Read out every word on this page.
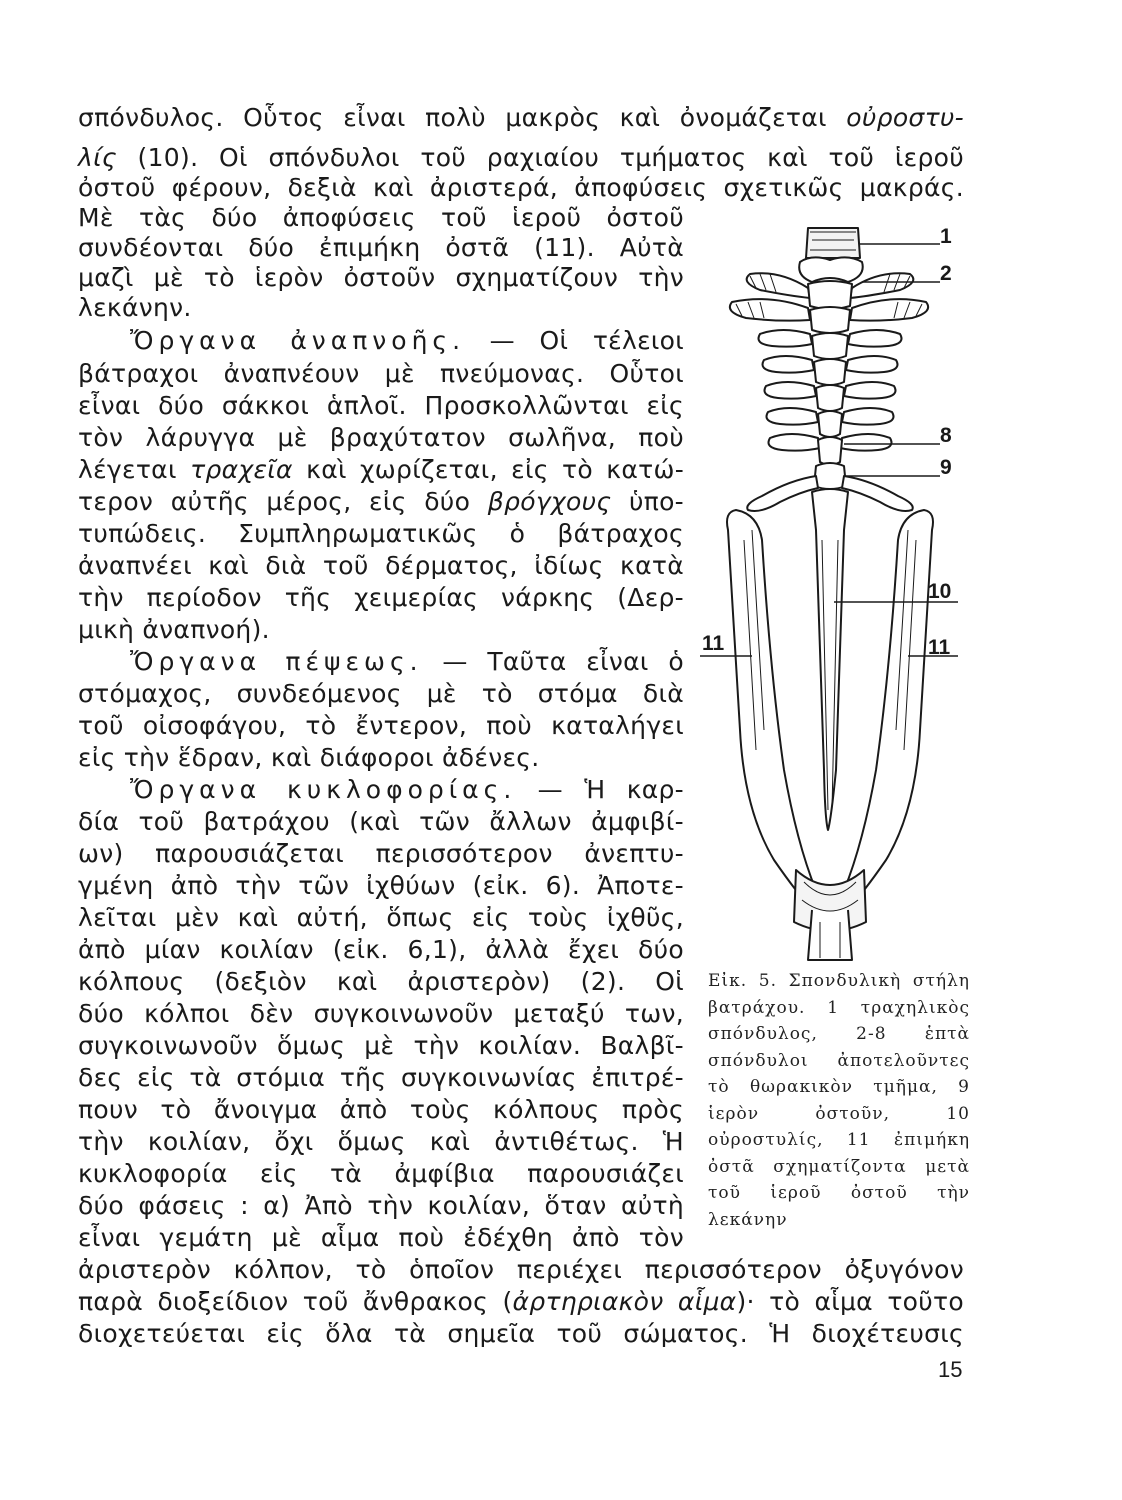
σπόνδυλος. Οὗτος εἶναι πολὺ μακρὸς καὶ ὀνομάζεται οὐροστυ-

λίς (10). Οἱ σπόνδυλοι τοῦ ραχιαίου τμήματος καὶ τοῦ ἱεροῦ

ὀστοῦ φέρουν, δεξιὰ καὶ ἀριστερά, ἀποφύσεις σχετικῶς μακράς.

Μὲ τὰς δύο ἀποφύσεις τοῦ ἱεροῦ ὀστοῦ

συνδέονται δύο ἐπιμήκη ὀστᾶ (11). Αὐτὰ

μαζὶ μὲ τὸ ἱερὸν ὀστοῦν σχηματίζουν τὴν

λεκάνην.

Ὄργανα ἀναπνοῆς. — Οἱ τέλειοι

βάτραχοι ἀναπνέουν μὲ πνεύμονας. Οὗτοι

εἶναι δύο σάκκοι ἁπλοῖ. Προσκολλῶνται εἰς

τὸν λάρυγγα μὲ βραχύτατον σωλῆνα, ποὺ

λέγεται τραχεῖα καὶ χωρίζεται, εἰς τὸ κατώ-

τερον αὐτῆς μέρος, εἰς δύο βρόγχους ὑπο-

τυπώδεις. Συμπληρωματικῶς ὁ βάτραχος

ἀναπνέει καὶ διὰ τοῦ δέρματος, ἰδίως κατὰ

τὴν περίοδον τῆς χειμερίας νάρκης (Δερ-

μικὴ ἀναπνοή).

Ὄργανα πέψεως. — Ταῦτα εἶναι ὁ

στόμαχος, συνδεόμενος μὲ τὸ στόμα διὰ

τοῦ οἰσοφάγου, τὸ ἔντερον, ποὺ καταλήγει

εἰς τὴν ἕδραν, καὶ διάφοροι ἀδένες.

Ὄργανα κυκλοφορίας. — Ἡ καρ-

δία τοῦ βατράχου (καὶ τῶν ἄλλων ἀμφιβί-

ων) παρουσιάζεται περισσότερον ἀνεπτυ-

γμένη ἀπὸ τὴν τῶν ἰχθύων (εἰκ. 6). Ἀποτε-

λεῖται μὲν καὶ αὐτή, ὅπως εἰς τοὺς ἰχθῦς,

ἀπὸ μίαν κοιλίαν (εἰκ. 6,1), ἀλλὰ ἔχει δύο

κόλπους (δεξιὸν καὶ ἀριστερὸν) (2). Οἱ

δύο κόλποι δὲν συγκοινωνοῦν μεταξύ των,

συγκοινωνοῦν ὅμως μὲ τὴν κοιλίαν. Βαλβῖ-

δες εἰς τὰ στόμια τῆς συγκοινωνίας ἐπιτρέ-

πουν τὸ ἄνοιγμα ἀπὸ τοὺς κόλπους πρὸς

τὴν κοιλίαν, ὄχι ὅμως καὶ ἀντιθέτως. Ἡ

κυκλοφορία εἰς τὰ ἀμφίβια παρουσιάζει

δύο φάσεις : α) Ἀπὸ τὴν κοιλίαν, ὅταν αὐτὴ

εἶναι γεμάτη μὲ αἷμα ποὺ ἐδέχθη ἀπὸ τὸν

ἀριστερὸν κόλπον, τὸ ὁποῖον περιέχει περισσότερον ὀξυγόνον

παρὰ διοξείδιον τοῦ ἄνθρακος (ἀρτηριακὸν αἷμα)· τὸ αἷμα τοῦτο

διοχετεύεται εἰς ὅλα τὰ σημεῖα τοῦ σώματος. Ἡ διοχέτευσις

1
2
8
9
10
11	11
Εἰκ. 5. Σπονδυλικὴ στήλη βατράχου. 1 τραχηλικὸς σπόνδυλος, 2-8 ἑπτὰ σπόνδυλοι ἀποτελοῦντες τὸ θωρακικὸν τμῆμα, 9 ἱερὸν ὀστοῦν, 10 οὐροστυλίς, 11 ἐπιμήκη ὀστᾶ σχηματίζοντα μετὰ τοῦ ἱεροῦ ὀστοῦ τὴν λεκάνην
15
